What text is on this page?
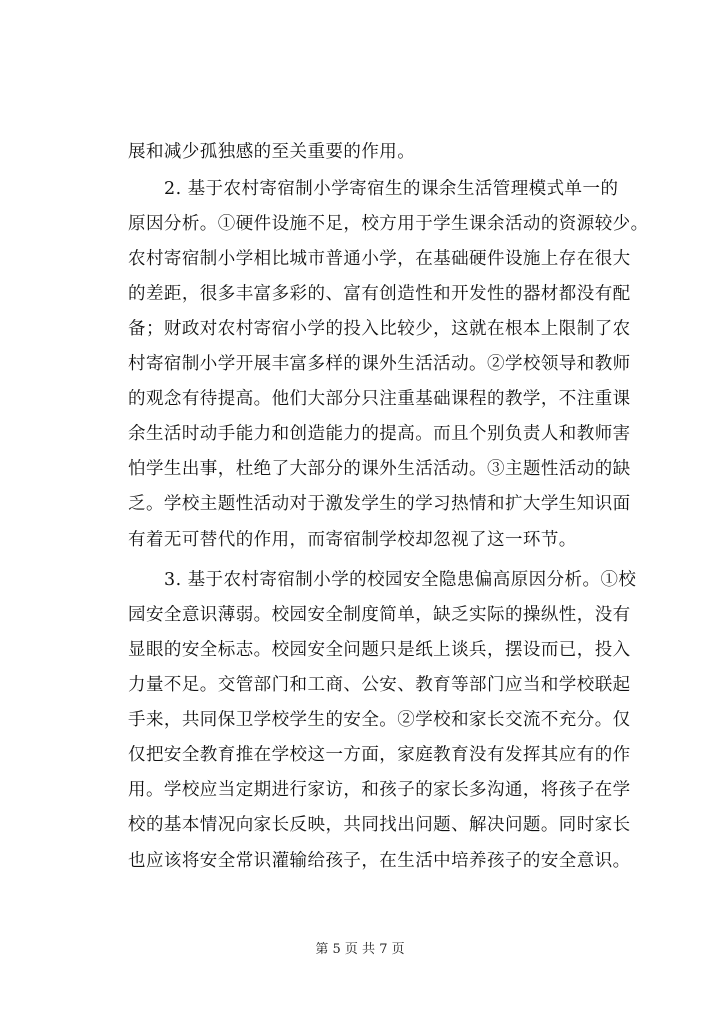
展和减少孤独感的至关重要的作用。
2. 基于农村寄宿制小学寄宿生的课余生活管理模式单一的
原因分析。①硬件设施不足，校方用于学生课余活动的资源较少。
农村寄宿制小学相比城市普通小学，在基础硬件设施上存在很大
的差距，很多丰富多彩的、富有创造性和开发性的器材都没有配
备；财政对农村寄宿小学的投入比较少，这就在根本上限制了农
村寄宿制小学开展丰富多样的课外生活活动。②学校领导和教师
的观念有待提高。他们大部分只注重基础课程的教学，不注重课
余生活时动手能力和创造能力的提高。而且个别负责人和教师害
怕学生出事，杜绝了大部分的课外生活活动。③主题性活动的缺
乏。学校主题性活动对于激发学生的学习热情和扩大学生知识面
有着无可替代的作用，而寄宿制学校却忽视了这一环节。
3. 基于农村寄宿制小学的校园安全隐患偏高原因分析。①校
园安全意识薄弱。校园安全制度简单，缺乏实际的操纵性，没有
显眼的安全标志。校园安全问题只是纸上谈兵，摆设而已，投入
力量不足。交管部门和工商、公安、教育等部门应当和学校联起
手来，共同保卫学校学生的安全。②学校和家长交流不充分。仅
仅把安全教育推在学校这一方面，家庭教育没有发挥其应有的作
用。学校应当定期进行家访，和孩子的家长多沟通，将孩子在学
校的基本情况向家长反映，共同找出问题、解决问题。同时家长
也应该将安全常识灌输给孩子，在生活中培养孩子的安全意识。
第 5 页 共 7 页
